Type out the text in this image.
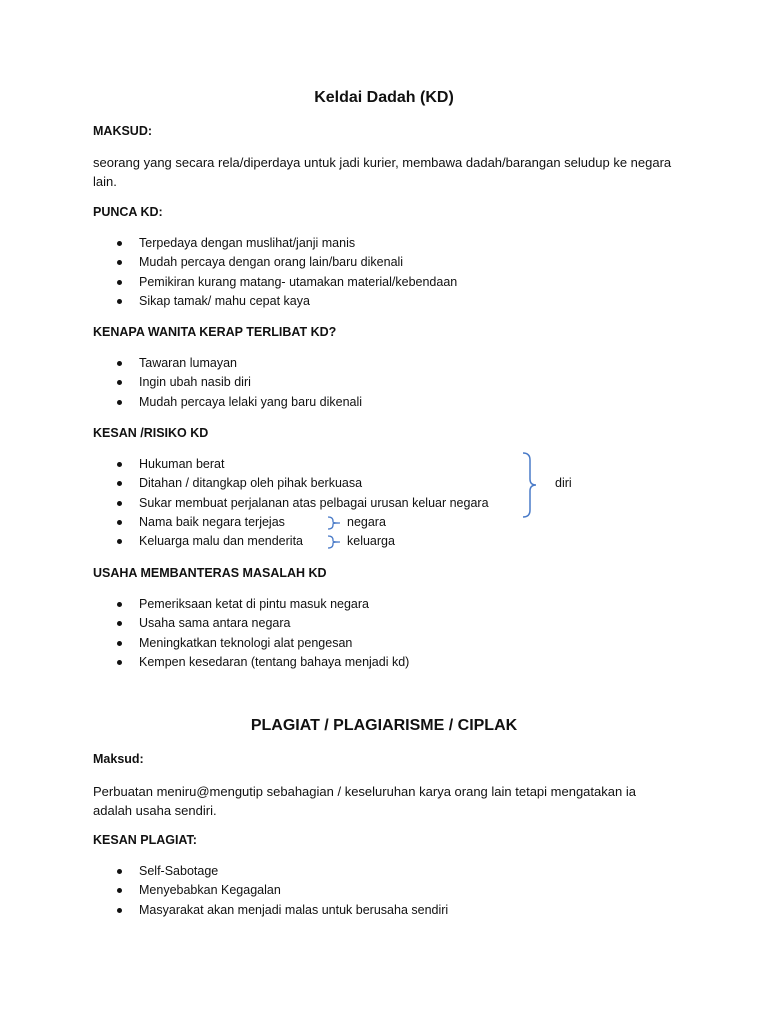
Keldai Dadah (KD)
MAKSUD:
seorang yang secara rela/diperdaya untuk jadi kurier, membawa dadah/barangan seludup ke negara lain.
PUNCA KD:
Terpedaya dengan muslihat/janji manis
Mudah percaya dengan orang lain/baru dikenali
Pemikiran kurang matang- utamakan material/kebendaan
Sikap tamak/ mahu cepat kaya
KENAPA WANITA KERAP TERLIBAT KD?
Tawaran lumayan
Ingin ubah nasib diri
Mudah percaya lelaki yang baru dikenali
KESAN /RISIKO KD
Hukuman berat
Ditahan / ditangkap oleh pihak berkuasa
Sukar membuat perjalanan atas pelbagai urusan keluar negara
Nama baik negara terjejas
Keluarga malu dan menderita
diri
negara
keluarga
USAHA MEMBANTERAS MASALAH KD
Pemeriksaan ketat di pintu masuk negara
Usaha sama antara negara
Meningkatkan teknologi alat pengesan
Kempen kesedaran (tentang bahaya menjadi kd)
PLAGIAT / PLAGIARISME / CIPLAK
Maksud:
Perbuatan meniru@mengutip sebahagian / keseluruhan karya orang lain tetapi mengatakan ia adalah usaha sendiri.
KESAN PLAGIAT:
Self-Sabotage
Menyebabkan Kegagalan
Masyarakat akan menjadi malas untuk berusaha sendiri
